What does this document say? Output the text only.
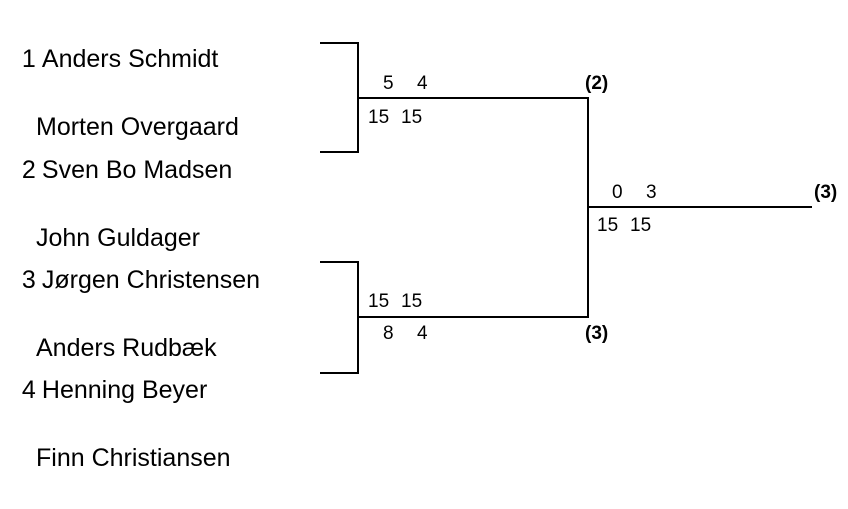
1 Anders Schmidt

Morten Overgaard

2 Sven Bo Madsen

John Guldager

3 Jørgen Christensen

Anders Rudbæk

4 Henning Beyer

Finn Christiansen

5 4
15 15
(2)
15 15
8 4	(3)
0 3
15 15
(3)
